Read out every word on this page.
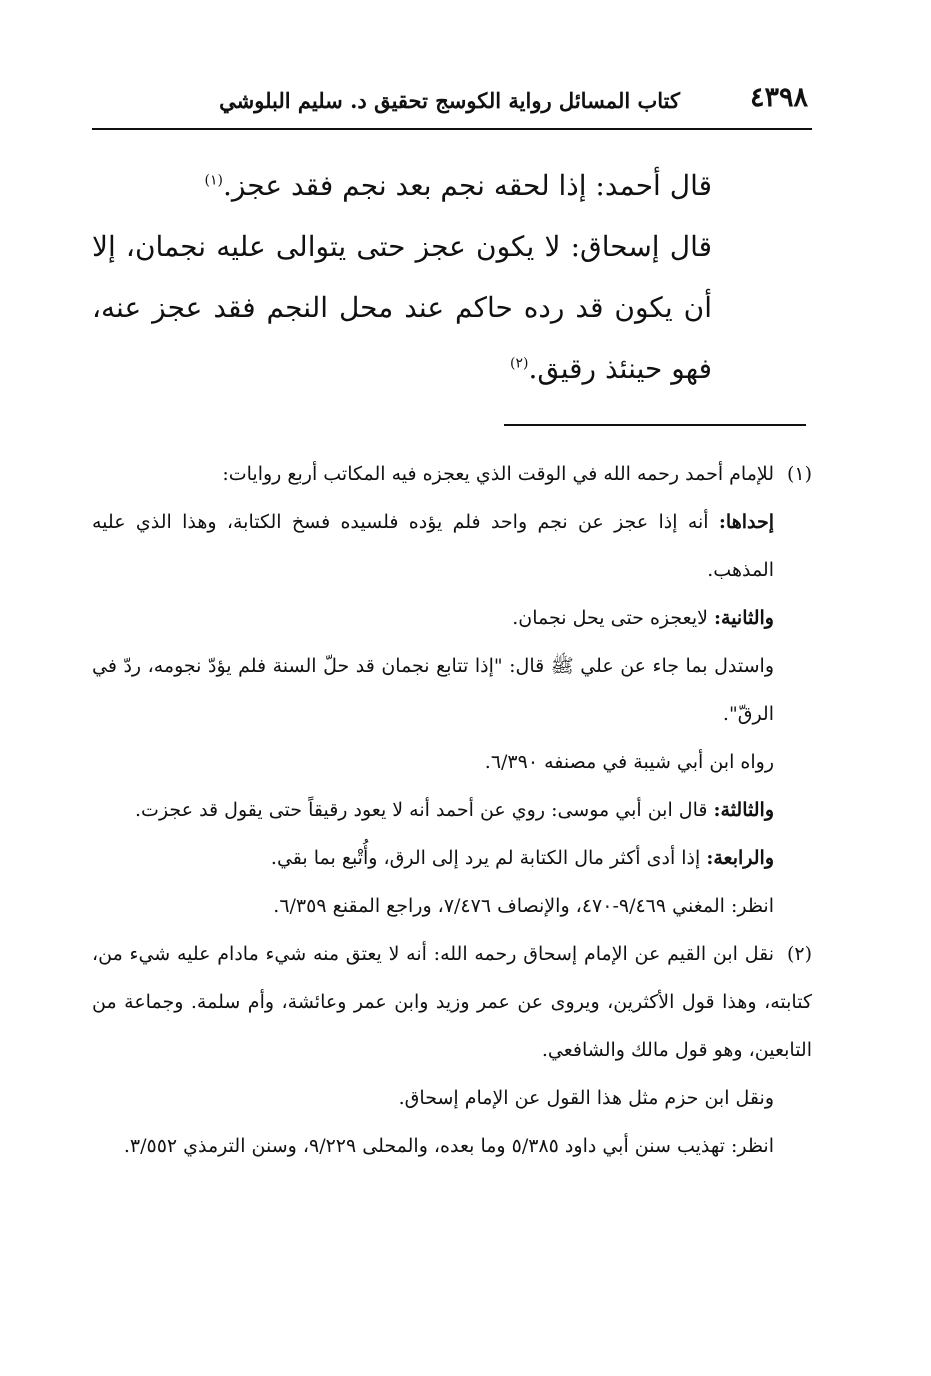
كتاب المسائل رواية الكوسج تحقيق د. سليم البلوشي	٤٣٩٨

قال أحمد: إذا لحقه نجم بعد نجم فقد عجز.$^{(١)}$

قال إسحاق: لا يكون عجز حتى يتوالى عليه نجمان، إلا أن يكون قد رده حاكم عند محل النجم فقد عجز عنه، فهو حينئذ رقيق.$^{(٢)}$

(١)للإمام أحمد رحمه الله في الوقت الذي يعجزه فيه المكاتب أربع روايات:

إحداها: أنه إذا عجز عن نجم واحد فلم يؤده فلسيده فسخ الكتابة، وهذا الذي عليه المذهب.

والثانية: لايعجزه حتى يحل نجمان.

واستدل بما جاء عن علي ﷺ قال: "إذا تتابع نجمان قد حلّ السنة فلم يؤدّ نجومه، ردّ في الرقّ".

رواه ابن أبي شيبة في مصنفه ٦/٣٩٠.

والثالثة: قال ابن أبي موسى: روي عن أحمد أنه لا يعود رقيقاً حتى يقول قد عجزت.

والرابعة: إذا أدى أكثر مال الكتابة لم يرد إلى الرق، وأُتْبع بما بقي.

انظر: المغني ٩/٤٦٩-٤٧٠، والإنصاف ٧/٤٧٦، وراجع المقنع ٦/٣٥٩.

(٢)نقل ابن القيم عن الإمام إسحاق رحمه الله: أنه لا يعتق منه شيء مادام عليه شيء من، كتابته، وهذا قول الأكثرين، ويروى عن عمر وزيد وابن عمر وعائشة، وأم سلمة. وجماعة من التابعين، وهو قول مالك والشافعي.

ونقل ابن حزم مثل هذا القول عن الإمام إسحاق.

انظر: تهذيب سنن أبي داود ٥/٣٨٥ وما بعده، والمحلى ٩/٢٢٩، وسنن الترمذي ٣/٥٥٢.
